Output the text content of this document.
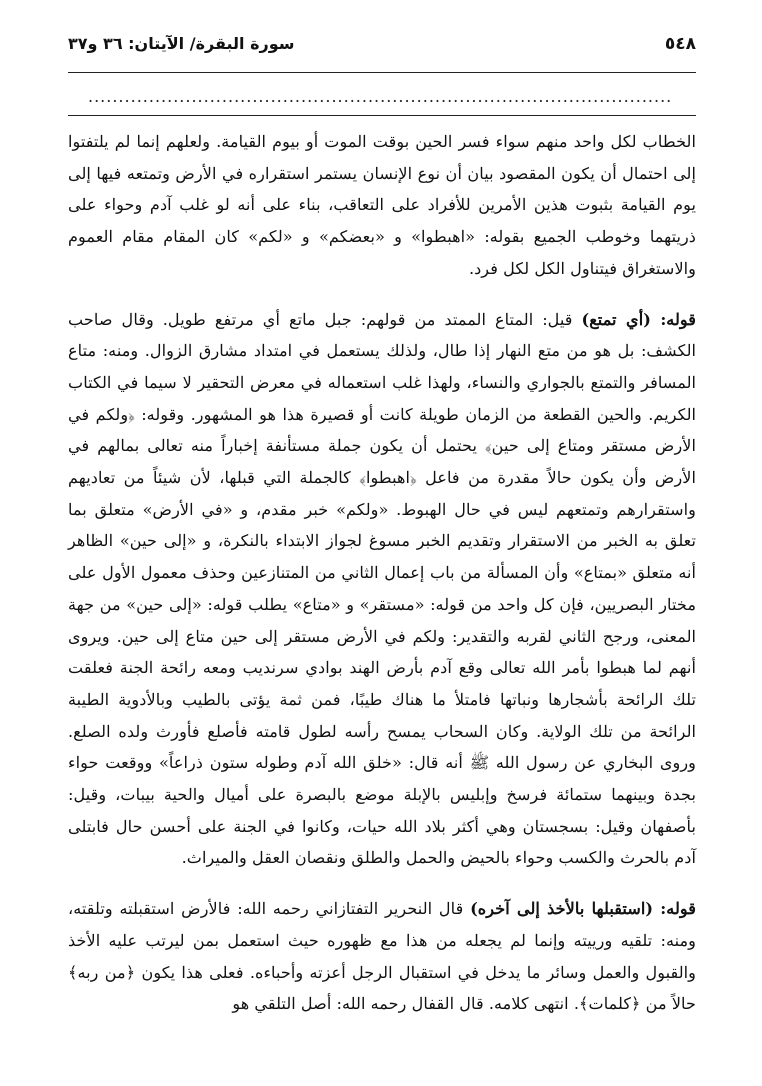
٥٤٨
سورة البقرة/ الآيتان: ٣٦ و٣٧
................................................................................................

الخطاب لكل واحد منهم سواء فسر الحين بوقت الموت أو بيوم القيامة. ولعلهم إنما لم يلتفتوا إلى احتمال أن يكون المقصود بيان أن نوع الإنسان يستمر استقراره في الأرض وتمتعه فيها إلى يوم القيامة بثبوت هذين الأمرين للأفراد على التعاقب، بناء على أنه لو غلب آدم وحواء على ذريتهما وخوطب الجميع بقوله: «اهبطوا» و «بعضكم» و «لكم» كان المقام مقام العموم والاستغراق فيتناول الكل لكل فرد.

قوله: (أي تمتع) قيل: المتاع الممتد من قولهم: جبل ماتع أي مرتفع طويل. وقال صاحب الكشف: بل هو من متع النهار إذا طال، ولذلك يستعمل في امتداد مشارق الزوال. ومنه: متاع المسافر والتمتع بالجواري والنساء، ولهذا غلب استعماله في معرض التحقير لا سيما في الكتاب الكريم. والحين القطعة من الزمان طويلة كانت أو قصيرة هذا هو المشهور. وقوله: ﴿ولكم في الأرض مستقر ومتاع إلى حين﴾ يحتمل أن يكون جملة مستأنفة إخباراً منه تعالى بمالهم في الأرض وأن يكون حالاً مقدرة من فاعل ﴿اهبطوا﴾ كالجملة التي قبلها، لأن شيئاً من تعاديهم واستقرارهم وتمتعهم ليس في حال الهبوط. «ولكم» خبر مقدم، و «في الأرض» متعلق بما تعلق به الخبر من الاستقرار وتقديم الخبر مسوغ لجواز الابتداء بالنكرة، و «إلى حين» الظاهر أنه متعلق «بمتاع» وأن المسألة من باب إعمال الثاني من المتنازعين وحذف معمول الأول على مختار البصريين، فإن كل واحد من قوله: «مستقر» و «متاع» يطلب قوله: «إلى حين» من جهة المعنى، ورجح الثاني لقربه والتقدير: ولكم في الأرض مستقر إلى حين متاع إلى حين. ويروى أنهم لما هبطوا بأمر الله تعالى وقع آدم بأرض الهند بوادي سرنديب ومعه رائحة الجنة فعلقت تلك الرائحة بأشجارها ونباتها فامتلأ ما هناك طيبًا، فمن ثمة يؤتى بالطيب وبالأدوية الطيبة الرائحة من تلك الولاية. وكان السحاب يمسح رأسه لطول قامته فأصلع فأورث ولده الصلع. وروى البخاري عن رسول الله ﷺ أنه قال: «خلق الله آدم وطوله ستون ذراعاً» ووقعت حواء بجدة وبينهما ستمائة فرسخ وإبليس بالإبلة موضع بالبصرة على أميال والحية بيبات، وقيل: بأصفهان وقيل: بسجستان وهي أكثر بلاد الله حيات، وكانوا في الجنة على أحسن حال فابتلى آدم بالحرث والكسب وحواء بالحيض والحمل والطلق ونقصان العقل والميراث.

قوله: (استقبلها بالأخذ إلى آخره) قال النحرير التفتازاني رحمه الله: فالأرض استقبلته وتلقته، ومنه: تلقيه ورييته وإنما لم يجعله من هذا مع ظهوره حيث استعمل بمن ليرتب عليه الأخذ والقبول والعمل وسائر ما يدخل في استقبال الرجل أعزته وأحباءه. فعلى هذا يكون ﴿من ربه﴾ حالاً من ﴿كلمات﴾. انتهى كلامه. قال القفال رحمه الله: أصل التلقي هو
